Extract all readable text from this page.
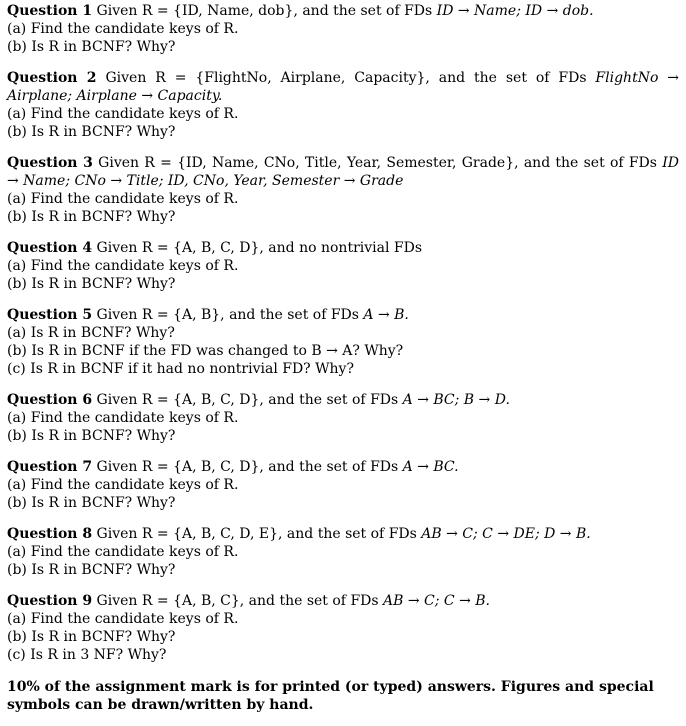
Question 1 Given R = {ID, Name, dob}, and the set of FDs ID → Name; ID → dob.
(a) Find the candidate keys of R.
(b) Is R in BCNF? Why?
Question 2 Given R = {FlightNo, Airplane, Capacity}, and the set of FDs FlightNo → Airplane; Airplane → Capacity.
(a) Find the candidate keys of R.
(b) Is R in BCNF? Why?
Question 3 Given R = {ID, Name, CNo, Title, Year, Semester, Grade}, and the set of FDs ID → Name; CNo → Title; ID, CNo, Year, Semester → Grade
(a) Find the candidate keys of R.
(b) Is R in BCNF? Why?
Question 4 Given R = {A, B, C, D}, and no nontrivial FDs
(a) Find the candidate keys of R.
(b) Is R in BCNF? Why?
Question 5 Given R = {A, B}, and the set of FDs A → B.
(a) Is R in BCNF? Why?
(b) Is R in BCNF if the FD was changed to B → A? Why?
(c) Is R in BCNF if it had no nontrivial FD? Why?
Question 6 Given R = {A, B, C, D}, and the set of FDs A → BC; B → D.
(a) Find the candidate keys of R.
(b) Is R in BCNF? Why?
Question 7 Given R = {A, B, C, D}, and the set of FDs A → BC.
(a) Find the candidate keys of R.
(b) Is R in BCNF? Why?
Question 8 Given R = {A, B, C, D, E}, and the set of FDs AB → C; C → DE; D → B.
(a) Find the candidate keys of R.
(b) Is R in BCNF? Why?
Question 9 Given R = {A, B, C}, and the set of FDs AB → C; C → B.
(a) Find the candidate keys of R.
(b) Is R in BCNF? Why?
(c) Is R in 3 NF? Why?
10% of the assignment mark is for printed (or typed) answers. Figures and special symbols can be drawn/written by hand.
